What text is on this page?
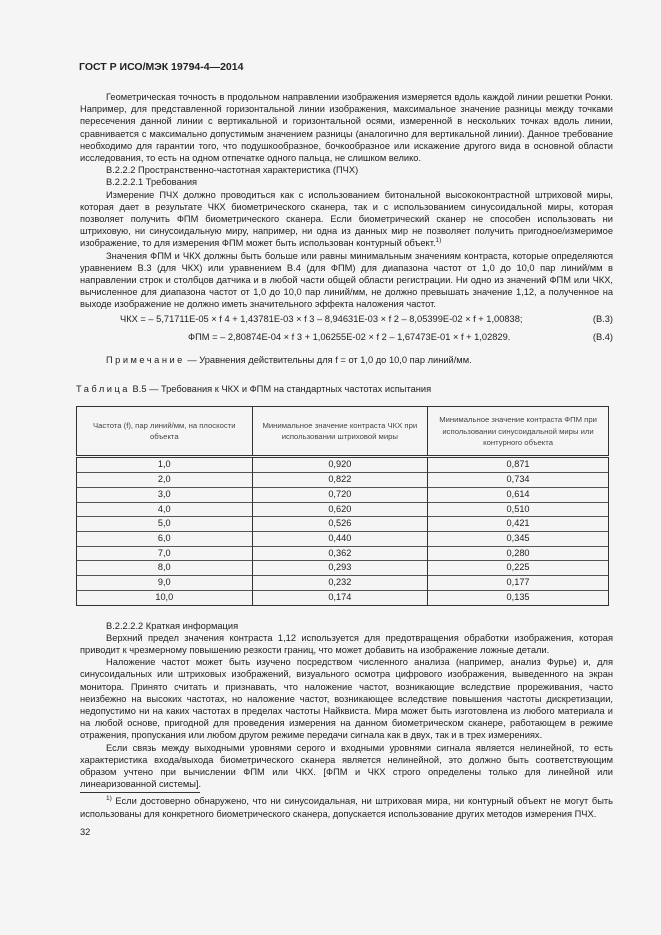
ГОСТ Р ИСО/МЭК 19794-4—2014

Геометрическая точность в продольном направлении изображения измеряется вдоль каждой линии решетки Ронки. Например, для представленной горизонтальной линии изображения, максимальное значение разницы между точками пересечения данной линии с вертикальной и горизонтальной осями, измеренной в нескольких точках вдоль линии, сравнивается с максимально допустимым значением разницы (аналогично для вертикальной линии). Данное требование необходимо для гарантии того, что подушкообразное, бочкообразное или искажение другого вида в основной области исследования, то есть на одном отпечатке одного пальца, не слишком велико.

В.2.2.2 Пространственно-частотная характеристика (ПЧХ)

В.2.2.2.1 Требования

Измерение ПЧХ должно проводиться как с использованием битональной высококонтрастной штриховой миры, которая дает в результате ЧКХ биометрического сканера, так и с использованием синусоидальной миры, которая позволяет получить ФПМ биометрического сканера. Если биометрический сканер не способен использовать ни штриховую, ни синусоидальную миру, например, ни одна из данных мир не позволяет получить пригодное/измеримое изображение, то для измерения ФПМ может быть использован контурный объект.$^{1)}$

Значения ФПМ и ЧКХ должны быть больше или равны минимальным значениям контраста, которые определяются уравнением В.3 (для ЧКХ) или уравнением В.4 (для ФПМ) для диапазона частот от 1,0 до 10,0 пар линий/мм в направлении строк и столбцов датчика и в любой части общей области регистрации. Ни одно из значений ФПМ или ЧКХ, вычисленное для диапазона частот от 1,0 до 10,0 пар линий/мм, не должно превышать значение 1,12, а полученное на выходе изображение не должно иметь значительного эффекта наложения частот.

ЧКХ = – 5,71711E-05 × f 4 + 1,43781E-03 × f 3 – 8,94631E-03 × f 2 – 8,05399E-02 × f + 1,00838;	(В.3)
ФПМ = – 2,80874E-04 × f 3 + 1,06255E-02 × f 2 – 1,67473E-01 × f + 1,02829.	(В.4)
Примечание — Уравнения действительны для f = от 1,0 до 10,0 пар линий/мм.
Таблица В.5 — Требования к ЧКХ и ФПМ на стандартных частотах испытания
Частота (f), пар линий/мм, на плоскости объекта	Минимальное значение контраста ЧКХ при использовании штриховой миры	Минимальное значение контраста ФПМ при использовании синусоидальной миры или контурного объекта
1,0	0,920	0,871
2,0	0,822	0,734
3,0	0,720	0,614
4,0	0,620	0,510
5,0	0,526	0,421
6,0	0,440	0,345
7,0	0,362	0,280
8,0	0,293	0,225
9,0	0,232	0,177
10,0	0,174	0,135

В.2.2.2.2 Краткая информация

Верхний предел значения контраста 1,12 используется для предотвращения обработки изображения, которая приводит к чрезмерному повышению резкости границ, что может добавить на изображение ложные детали.

Наложение частот может быть изучено посредством численного анализа (например, анализ Фурье) и, для синусоидальных или штриховых изображений, визуального осмотра цифрового изображения, выведенного на экран монитора. Принято считать и признавать, что наложение частот, возникающие вследствие прореживания, часто неизбежно на высоких частотах, но наложение частот, возникающее вследствие повышения частоты дискретизации, недопустимо ни на каких частотах в пределах частоты Найквиста. Мира может быть изготовлена из любого материала и на любой основе, пригодной для проведения измерения на данном биометрическом сканере, работающем в режиме отражения, пропускания или любом другом режиме передачи сигнала как в двух, так и в трех измерениях.

Если связь между выходными уровнями серого и входными уровнями сигнала является нелинейной, то есть характеристика входа/выхода биометрического сканера является нелинейной, это должно быть соответствующим образом учтено при вычислении ФПМ или ЧКХ. [ФПМ и ЧКХ строго определены только для линейной или линеаризованной системы].

$^{1)}$ Если достоверно обнаружено, что ни синусоидальная, ни штриховая мира, ни контурный объект не могут быть использованы для конкретного биометрического сканера, допускается использование других методов измерения ПЧХ.

32
